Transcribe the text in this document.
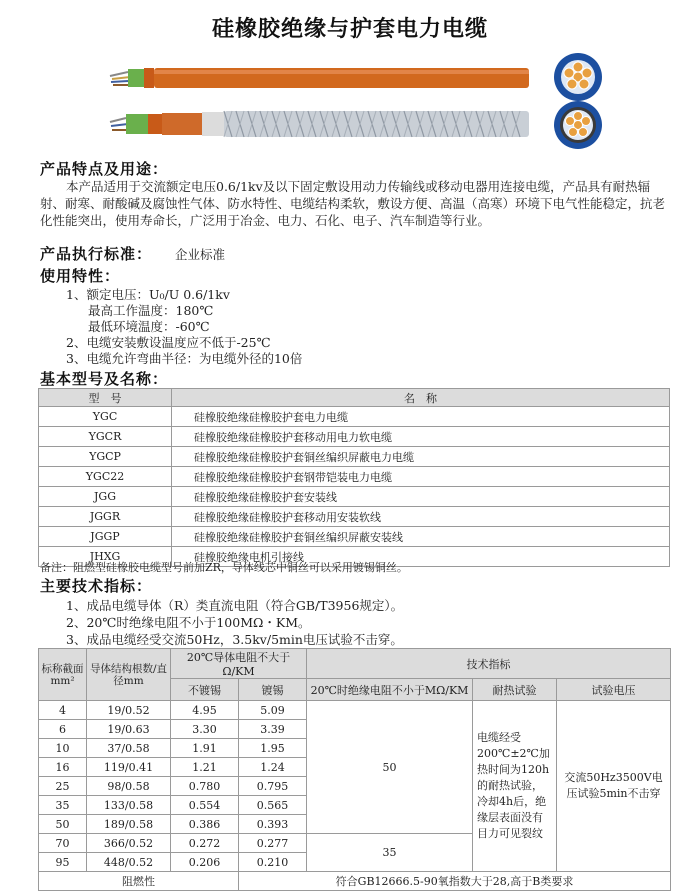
硅橡胶绝缘与护套电力电缆
产品特点及用途：
本产品适用于交流额定电压0.6/1kv及以下固定敷设用动力传输线或移动电器用连接电缆，产品具有耐热辐射、耐寒、耐酸碱及腐蚀性气体、防水特性、电缆结构柔软，敷设方便、高温（高寒）环境下电气性能稳定，抗老化性能突出，使用寿命长，广泛用于冶金、电力、石化、电子、汽车制造等行业。
产品执行标准： 企业标准
使用特性：
1、额定电压：U₀/U 0.6/1kv
最高工作温度：180℃
最低环境温度：-60℃
2、电缆安装敷设温度应不低于-25℃
3、电缆允许弯曲半径：为电缆外径的10倍
基本型号及名称：
型　号	名　称
YGC	硅橡胶绝缘硅橡胶护套电力电缆
YGCR	硅橡胶绝缘硅橡胶护套移动用电力软电缆
YGCP	硅橡胶绝缘硅橡胶护套铜丝编织屏蔽电力电缆
YGC22	硅橡胶绝缘硅橡胶护套钢带铠装电力电缆
JGG	硅橡胶绝缘硅橡胶护套安装线
JGGR	硅橡胶绝缘硅橡胶护套移动用安装软线
JGGP	硅橡胶绝缘硅橡胶护套铜丝编织屏蔽安装线
JHXG	硅橡胶绝缘电机引接线
备注：阻燃型硅橡胶电缆型号前加ZR，导体线芯中铜丝可以采用镀锡铜丝。
主要技术指标：
1、成品电缆导体（R）类直流电阻（符合GB/T3956规定）。
2、20℃时绝缘电阻不小于100MΩ・KM。
3、成品电缆经受交流50Hz，3.5kv/5min电压试验不击穿。
标称截面mm²	导体结构根数/直径mm	20℃导体电阻不大于Ω/KM		技术指标		
		不镀锡	镀锡	20℃时绝缘电阻不小于MΩ/KM	耐热试验	试验电压
4	19/0.52	4.95	5.09	50	电缆经受200℃±2℃加热时间为120h的耐热试验，冷却4h后，绝缘层表面没有目力可见裂纹	交流50Hz3500V电压试验5min不击穿
6	19/0.63	3.30	3.39			
10	37/0.58	1.91	1.95			
16	119/0.41	1.21	1.24			
25	98/0.58	0.780	0.795			
35	133/0.58	0.554	0.565			
50	189/0.58	0.386	0.393			
70	366/0.52	0.272	0.277	35		
95	448/0.52	0.206	0.210			
阻燃性			符合GB12666.5-90氧指数大于28,高于B类要求			
